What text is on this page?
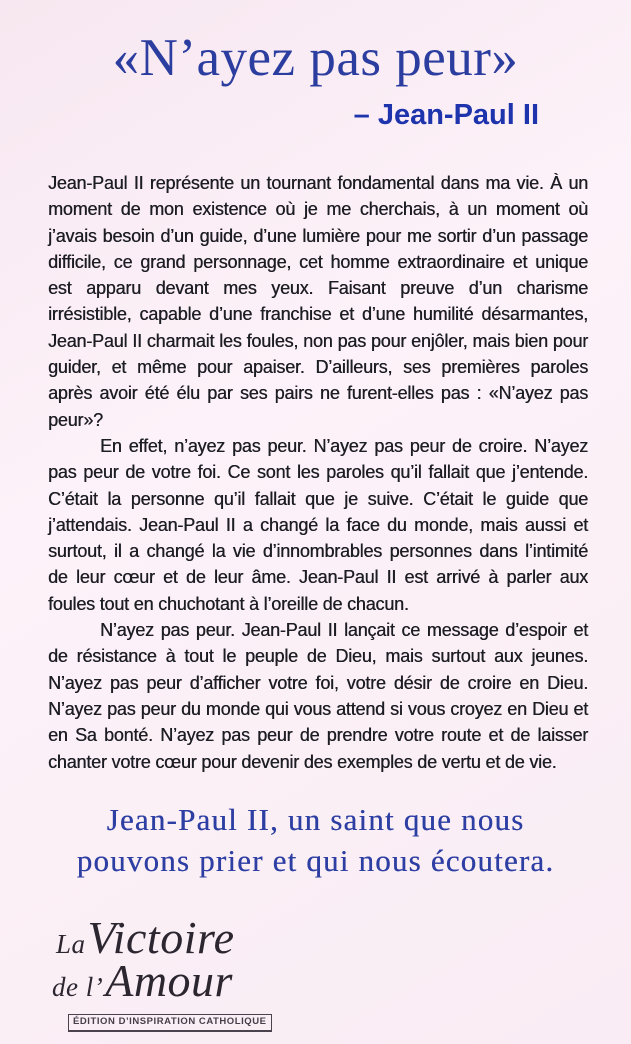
«N’ayez pas peur»
– Jean-Paul II

Jean-Paul II représente un tournant fondamental dans ma vie. À un moment de mon existence où je me cherchais, à un moment où j’avais besoin d’un guide, d’une lumière pour me sortir d’un passage difficile, ce grand personnage, cet homme extraordinaire et unique est apparu devant mes yeux. Faisant preuve d’un charisme irrésistible, capable d’une franchise et d’une humilité désarmantes, Jean-Paul II charmait les foules, non pas pour enjôler, mais bien pour guider, et même pour apaiser. D’ailleurs, ses premières paroles après avoir été élu par ses pairs ne furent-elles pas : «N’ayez pas peur»?

En effet, n’ayez pas peur. N’ayez pas peur de croire. N’ayez pas peur de votre foi. Ce sont les paroles qu’il fallait que j’entende. C’était la personne qu’il fallait que je suive. C’était le guide que j’attendais. Jean-Paul II a changé la face du monde, mais aussi et surtout, il a changé la vie d’innombrables personnes dans l’intimité de leur cœur et de leur âme. Jean-Paul II est arrivé à parler aux foules tout en chuchotant à l’oreille de chacun.

N’ayez pas peur. Jean-Paul II lançait ce message d’espoir et de résistance à tout le peuple de Dieu, mais surtout aux jeunes. N’ayez pas peur d’afficher votre foi, votre désir de croire en Dieu. N’ayez pas peur du monde qui vous attend si vous croyez en Dieu et en Sa bonté. N’ayez pas peur de prendre votre route et de laisser chanter votre cœur pour devenir des exemples de vertu et de vie.

Jean-Paul II, un saint que nous
pouvons prier et qui nous écoutera.
La Victoire
de l’ Amour
ÉDITION D’INSPIRATION CATHOLIQUE
